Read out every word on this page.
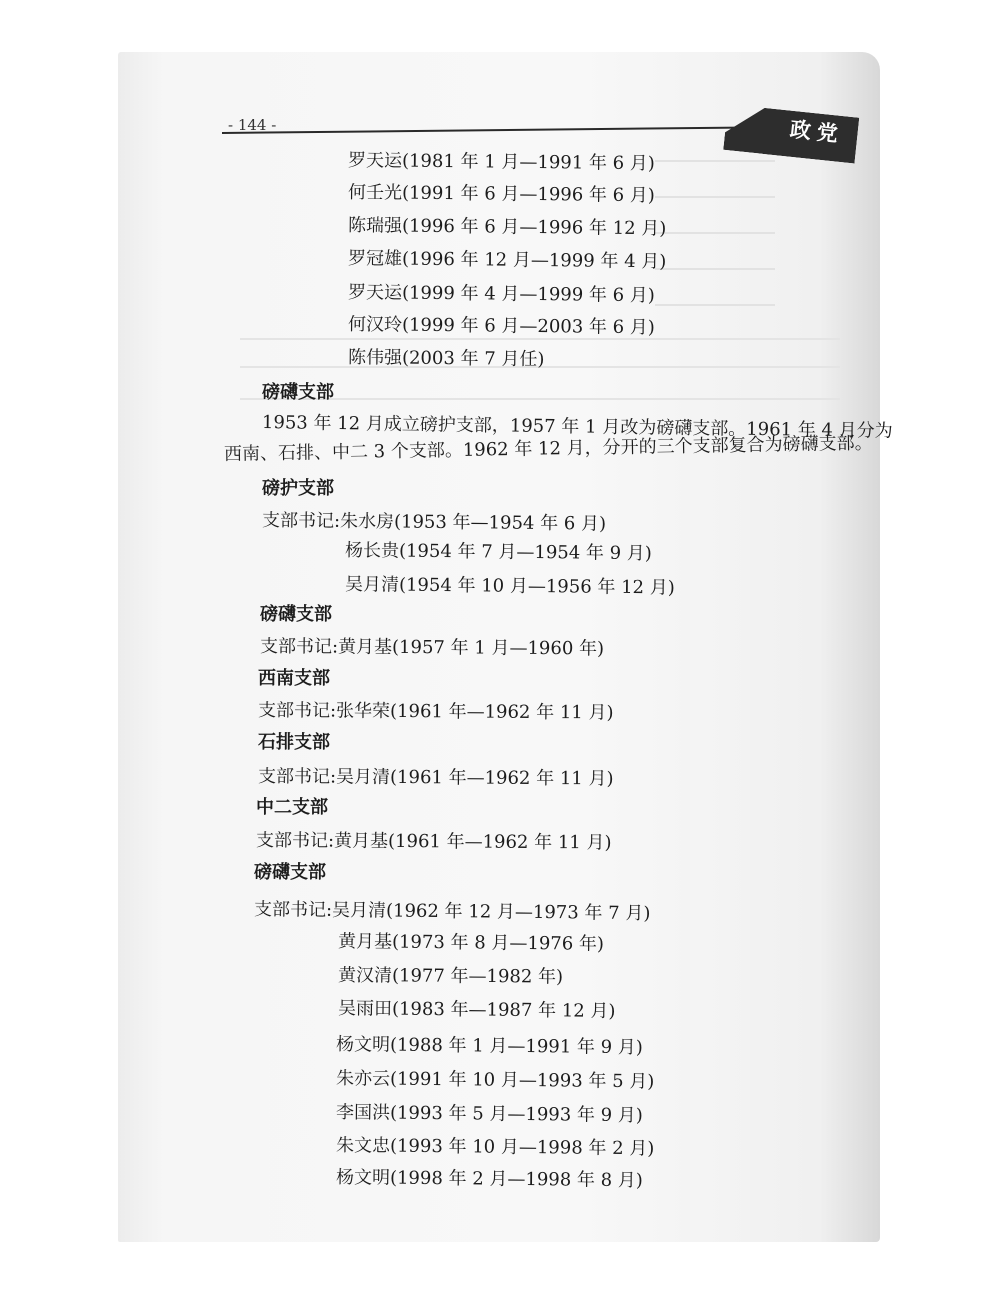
- 144 -	政党
罗天运(1981 年 1 月—1991 年 6 月)
何壬光(1991 年 6 月—1996 年 6 月)
陈瑞强(1996 年 6 月—1996 年 12 月)
罗冠雄(1996 年 12 月—1999 年 4 月)
罗天运(1999 年 4 月—1999 年 6 月)
何汉玲(1999 年 6 月—2003 年 6 月)
陈伟强(2003 年 7 月任)
磅礴支部
1953 年 12 月成立磅护支部，1957 年 1 月改为磅礴支部。1961 年 4 月分为
西南、石排、中二 3 个支部。1962 年 12 月，分开的三个支部复合为磅礴支部。
磅护支部
支部书记:朱水房(1953 年—1954 年 6 月)
杨长贵(1954 年 7 月—1954 年 9 月)
吴月清(1954 年 10 月—1956 年 12 月)
磅礴支部
支部书记:黄月基(1957 年 1 月—1960 年)
西南支部
支部书记:张华荣(1961 年—1962 年 11 月)
石排支部
支部书记:吴月清(1961 年—1962 年 11 月)
中二支部
支部书记:黄月基(1961 年—1962 年 11 月)
磅礴支部
支部书记:吴月清(1962 年 12 月—1973 年 7 月)
黄月基(1973 年 8 月—1976 年)
黄汉清(1977 年—1982 年)
吴雨田(1983 年—1987 年 12 月)
杨文明(1988 年 1 月—1991 年 9 月)
朱亦云(1991 年 10 月—1993 年 5 月)
李国洪(1993 年 5 月—1993 年 9 月)
朱文忠(1993 年 10 月—1998 年 2 月)
杨文明(1998 年 2 月—1998 年 8 月)
